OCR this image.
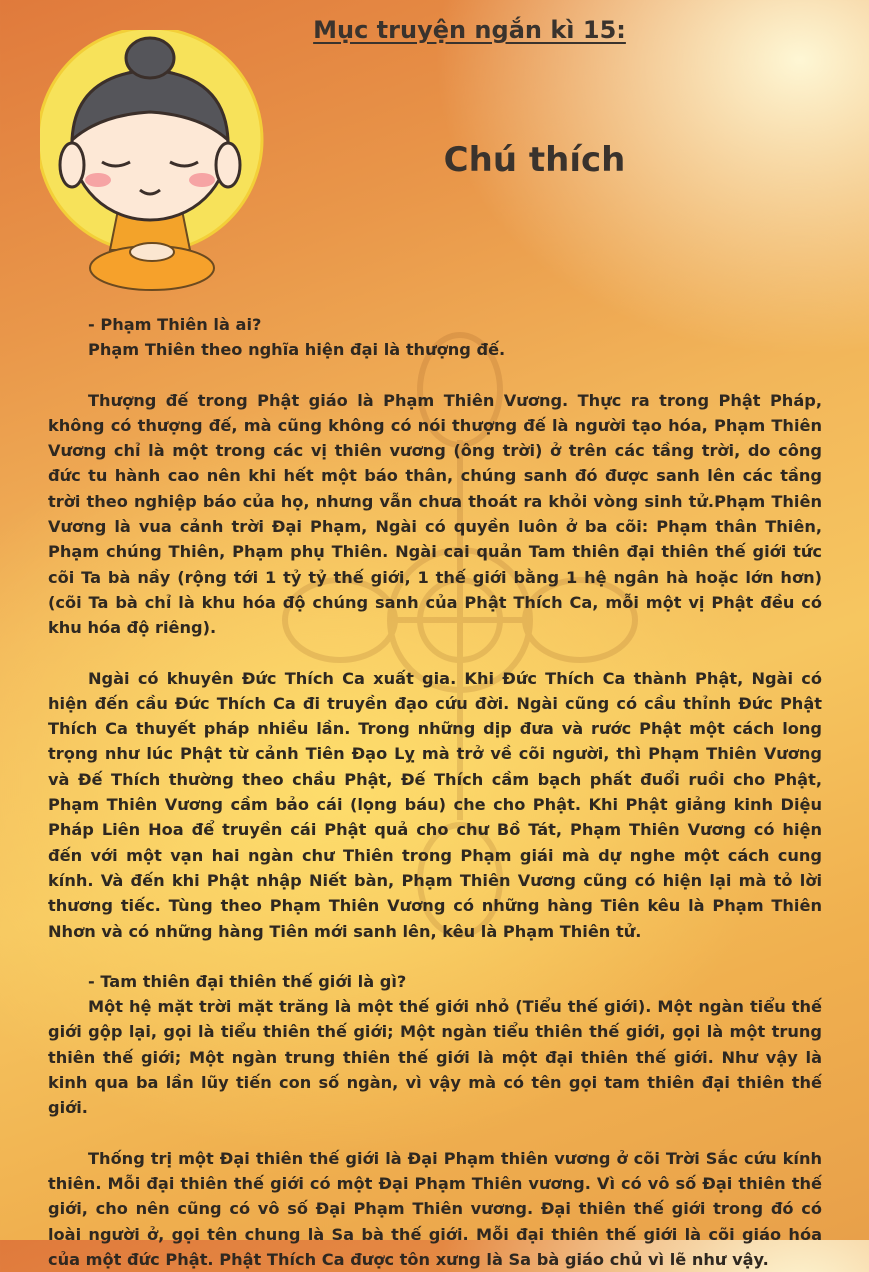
Mục truyện ngắn kì 15:
Chú thích

- Phạm Thiên là ai?

Phạm Thiên theo nghĩa hiện đại là thượng đế.

Thượng đế trong Phật giáo là Phạm Thiên Vương. Thực ra trong Phật Pháp, không có thượng đế, mà cũng không có nói thượng đế là người tạo hóa, Phạm Thiên Vương chỉ là một trong các vị thiên vương (ông trời) ở trên các tầng trời, do công đức tu hành cao nên khi hết một báo thân, chúng sanh đó được sanh lên các tầng trời theo nghiệp báo của họ, nhưng vẫn chưa thoát ra khỏi vòng sinh tử.Phạm Thiên Vương là vua cảnh trời Đại Phạm, Ngài có quyền luôn ở ba cõi: Phạm thân Thiên, Phạm chúng Thiên, Phạm phụ Thiên. Ngài cai quản Tam thiên đại thiên thế giới tức cõi Ta bà nầy (rộng tới 1 tỷ tỷ thế giới, 1 thế giới bằng 1 hệ ngân hà hoặc lớn hơn)(cõi Ta bà chỉ là khu hóa độ chúng sanh của Phật Thích Ca, mỗi một vị Phật đều có khu hóa độ riêng).

Ngài có khuyên Đức Thích Ca xuất gia. Khi Đức Thích Ca thành Phật, Ngài có hiện đến cầu Đức Thích Ca đi truyền đạo cứu đời. Ngài cũng có cầu thỉnh Đức Phật Thích Ca thuyết pháp nhiều lần. Trong những dịp đưa và rước Phật một cách long trọng như lúc Phật từ cảnh Tiên Đạo Lỵ mà trở về cõi người, thì Phạm Thiên Vương và Đế Thích thường theo chầu Phật, Đế Thích cầm bạch phất đuổi ruồi cho Phật, Phạm Thiên Vương cầm bảo cái (lọng báu) che cho Phật. Khi Phật giảng kinh Diệu Pháp Liên Hoa để truyền cái Phật quả cho chư Bồ Tát, Phạm Thiên Vương có hiện đến với một vạn hai ngàn chư Thiên trong Phạm giái mà dự nghe một cách cung kính. Và đến khi Phật nhập Niết bàn, Phạm Thiên Vương cũng có hiện lại mà tỏ lời thương tiếc. Tùng theo Phạm Thiên Vương có những hàng Tiên kêu là Phạm Thiên Nhơn và có những hàng Tiên mới sanh lên, kêu là Phạm Thiên tử.

- Tam thiên đại thiên thế giới là gì?

Một hệ mặt trời mặt trăng là một thế giới nhỏ (Tiểu thế giới). Một ngàn tiểu thế giới gộp lại, gọi là tiểu thiên thế giới; Một ngàn tiểu thiên thế giới, gọi là một trung thiên thế giới; Một ngàn trung thiên thế giới là một đại thiên thế giới. Như vậy là kinh qua ba lần lũy tiến con số ngàn, vì vậy mà có tên gọi tam thiên đại thiên thế giới.

Thống trị một Đại thiên thế giới là Đại Phạm thiên vương ở cõi Trời Sắc cứu kính thiên. Mỗi đại thiên thế giới có một Đại Phạm Thiên vương. Vì có vô số Đại thiên thế giới, cho nên cũng có vô số Đại Phạm Thiên vương. Đại thiên thế giới trong đó có loài người ở, gọi tên chung là Sa bà thế giới. Mỗi đại thiên thế giới là cõi giáo hóa của một đức Phật. Phật Thích Ca được tôn xưng là Sa bà giáo chủ vì lẽ như vậy.
